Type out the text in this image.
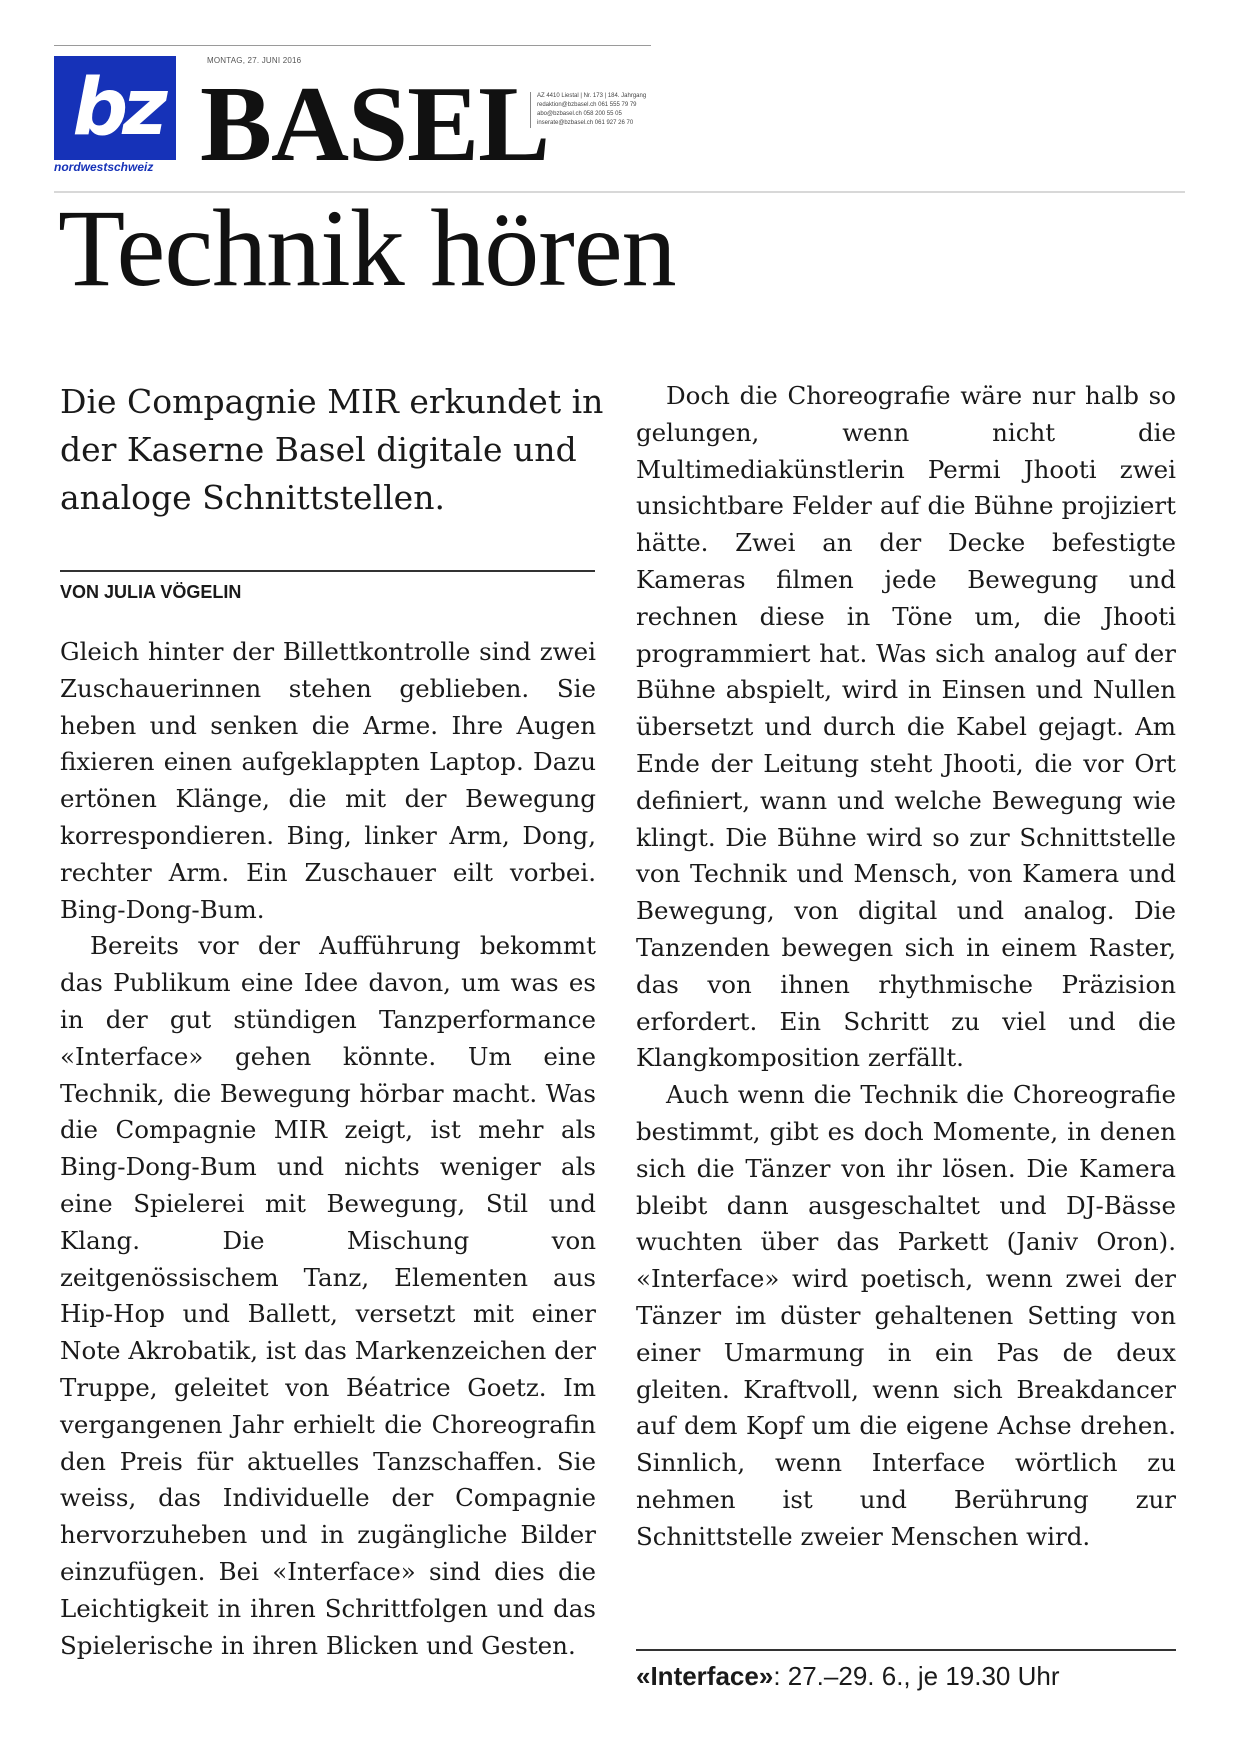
MONTAG, 27. JUNI 2016
bz
nordwestschweiz BASEL
AZ 4410 Liestal | Nr. 173 | 184. Jahrgang
redaktion@bzbasel.ch 061 555 79 79
abo@bzbasel.ch 058 200 55 05
inserate@bzbasel.ch 061 927 26 70
Technik hören
Die Compagnie MIR erkundet in der Kaserne Basel digitale und analoge Schnittstellen.
VON JULIA VÖGELIN

Gleich hinter der Billettkontrolle sind zwei Zuschauerinnen stehen geblieben. Sie heben und senken die Arme. Ihre Augen fixieren einen aufgeklappten Laptop. Dazu ertönen Klänge, die mit der Bewegung korrespondieren. Bing, linker Arm, Dong, rechter Arm. Ein Zuschauer eilt vorbei. Bing-Dong-Bum.

Bereits vor der Aufführung bekommt das Publikum eine Idee davon, um was es in der gut stündigen Tanzperformance «Interface» gehen könnte. Um eine Technik, die Bewegung hörbar macht. Was die Compagnie MIR zeigt, ist mehr als Bing-Dong-Bum und nichts weniger als eine Spielerei mit Bewegung, Stil und Klang. Die Mischung von zeitgenössischem Tanz, Elementen aus Hip-Hop und Ballett, versetzt mit einer Note Akrobatik, ist das Markenzeichen der Truppe, geleitet von Béatrice Goetz. Im vergangenen Jahr erhielt die Choreografin den Preis für aktuelles Tanzschaffen. Sie weiss, das Individuelle der Compagnie hervorzuheben und in zugängliche Bilder einzufügen. Bei «Interface» sind dies die Leichtigkeit in ihren Schrittfolgen und das Spielerische in ihren Blicken und Gesten.

Doch die Choreografie wäre nur halb so gelungen, wenn nicht die Multimediakünstlerin Permi Jhooti zwei unsichtbare Felder auf die Bühne projiziert hätte. Zwei an der Decke befestigte Kameras filmen jede Bewegung und rechnen diese in Töne um, die Jhooti programmiert hat. Was sich analog auf der Bühne abspielt, wird in Einsen und Nullen übersetzt und durch die Kabel gejagt. Am Ende der Leitung steht Jhooti, die vor Ort definiert, wann und welche Bewegung wie klingt. Die Bühne wird so zur Schnittstelle von Technik und Mensch, von Kamera und Bewegung, von digital und analog. Die Tanzenden bewegen sich in einem Raster, das von ihnen rhythmische Präzision erfordert. Ein Schritt zu viel und die Klangkomposition zerfällt.

Auch wenn die Technik die Choreografie bestimmt, gibt es doch Momente, in denen sich die Tänzer von ihr lösen. Die Kamera bleibt dann ausgeschaltet und DJ-Bässe wuchten über das Parkett (Janiv Oron). «Interface» wird poetisch, wenn zwei der Tänzer im düster gehaltenen Setting von einer Umarmung in ein Pas de deux gleiten. Kraftvoll, wenn sich Breakdancer auf dem Kopf um die eigene Achse drehen. Sinnlich, wenn Interface wörtlich zu nehmen ist und Berührung zur Schnittstelle zweier Menschen wird.

«Interface»: 27.–29. 6., je 19.30 Uhr
